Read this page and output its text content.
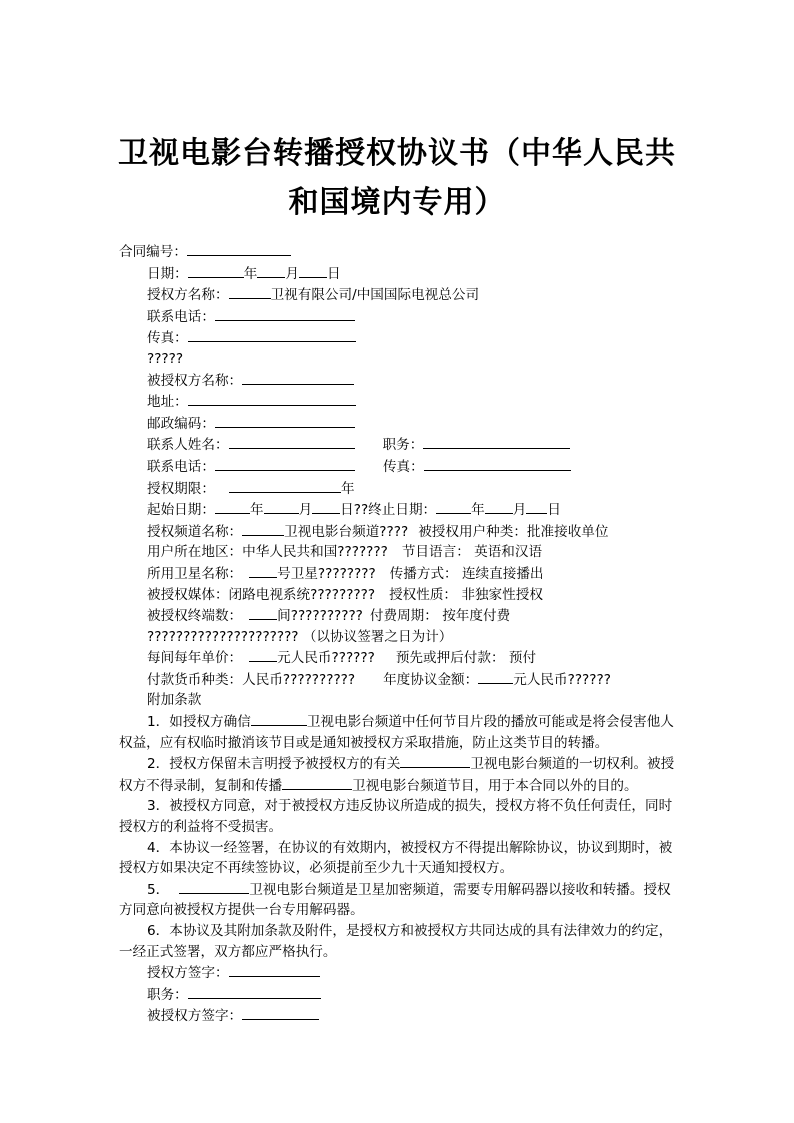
卫视电影台转播授权协议书（中华人民共
和国境内专用）
合同编号：
日期：	年 月 日
授权方名称：	卫视有限公司/中国国际电视总公司
联系电话：
传真：
?????
被授权方名称：
地址：
邮政编码：
联系人姓名：	职务：
联系电话：	传真：
授权期限：	年
起始日期：	年	月 日??终止日期：	年 月 日
授权频道名称：	卫视电影台频道???? 被授权用户种类：批准接收单位
用户所在地区：中华人民共和国??????? 节目语言： 英语和汉语
所用卫星名称：	号卫星???????? 传播方式： 连续直接播出
被授权媒体：闭路电视系统????????? 授权性质： 非独家性授权
被授权终端数：	间?????????? 付费周期： 按年度付费
????????????????????? （以协议签署之日为计）
每间每年单价：	元人民币?????? 预先或押后付款： 预付
付款货币种类：人民币?????????? 年度协议金额：	元人民币??????
附加条款
1．如授权方确信	卫视电影台频道中任何节目片段的播放可能或是将会侵害他人权益，应有权临时撤消该节目或是通知被授权方采取措施，防止这类节目的转播。
2．授权方保留未言明授予被授权方的有关	卫视电影台频道的一切权利。被授权方不得录制，复制和传播	卫视电影台频道节目，用于本合同以外的目的。
3．被授权方同意，对于被授权方违反协议所造成的损失，授权方将不负任何责任，同时授权方的利益将不受损害。
4．本协议一经签署，在协议的有效期内，被授权方不得提出解除协议，协议到期时，被授权方如果决定不再续签协议，必须提前至少九十天通知授权方。
5．	卫视电影台频道是卫星加密频道，需要专用解码器以接收和转播。授权方同意向被授权方提供一台专用解码器。
6．本协议及其附加条款及附件，是授权方和被授权方共同达成的具有法律效力的约定，一经正式签署，双方都应严格执行。
授权方签字：
职务：
被授权方签字：
